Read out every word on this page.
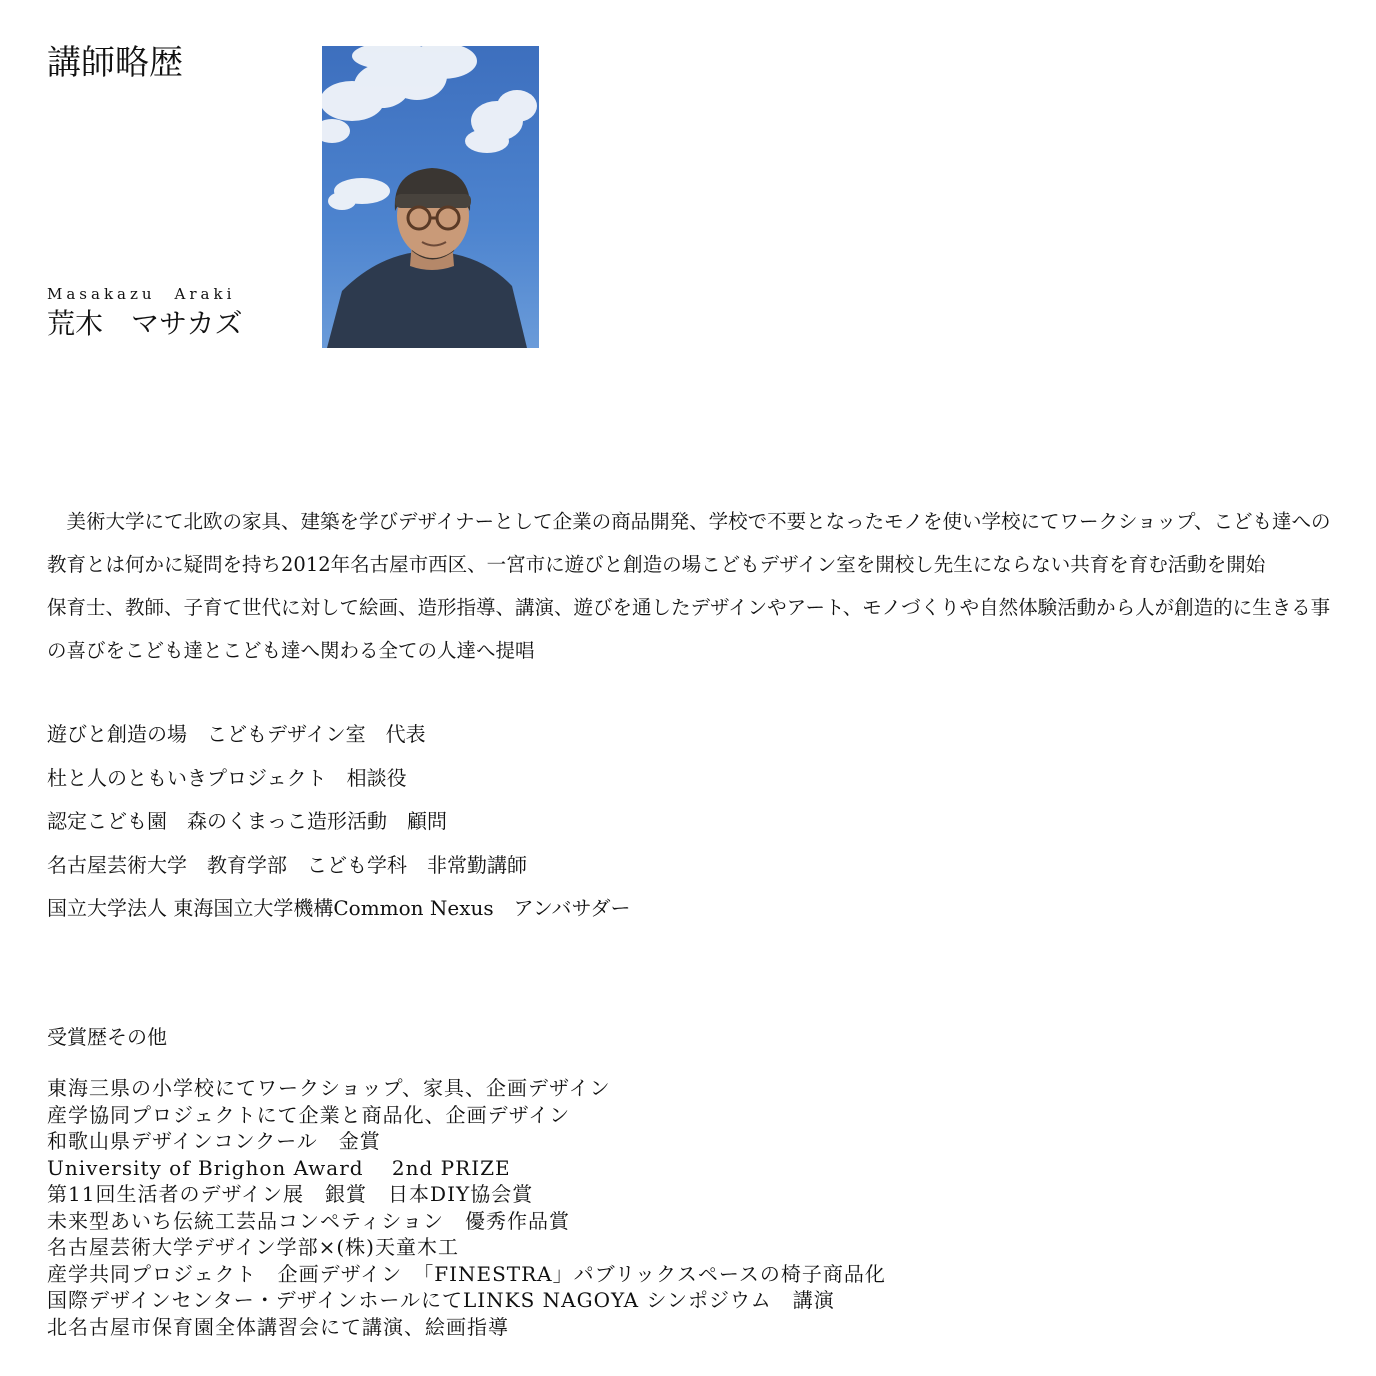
講師略歴
Masakazu　Araki
荒木　マサカズ

　美術大学にて北欧の家具、建築を学びデザイナーとして企業の商品開発、学校で不要となったモノを使い学校にてワークショップ、こども達への

教育とは何かに疑問を持ち2012年名古屋市西区、一宮市に遊びと創造の場こどもデザイン室を開校し先生にならない共育を育む活動を開始

保育士、教師、子育て世代に対して絵画、造形指導、講演、遊びを通したデザインやアート、モノづくりや自然体験活動から人が創造的に生きる事

の喜びをこども達とこども達へ関わる全ての人達へ提唱

遊びと創造の場　こどもデザイン室　代表
杜と人のともいきプロジェクト　相談役
認定こども園　森のくまっこ造形活動　顧問
名古屋芸術大学　教育学部　こども学科　非常勤講師
国立大学法人 東海国立大学機構Common Nexus　アンバサダー
受賞歴その他
東海三県の小学校にてワークショップ、家具、企画デザイン
産学協同プロジェクトにて企業と商品化、企画デザイン
和歌山県デザインコンクール　金賞
University of Brighon Award　 2nd PRIZE
第11回生活者のデザイン展　銀賞　日本DIY協会賞
未来型あいち伝統工芸品コンペティション　優秀作品賞
名古屋芸術大学デザイン学部×(株)天童木工
産学共同プロジェクト　企画デザイン　「FINESTRA」パブリックスペースの椅子商品化
国際デザインセンター・デザインホールにてLINKS NAGOYA シンポジウム　講演
北名古屋市保育園全体講習会にて講演、絵画指導
